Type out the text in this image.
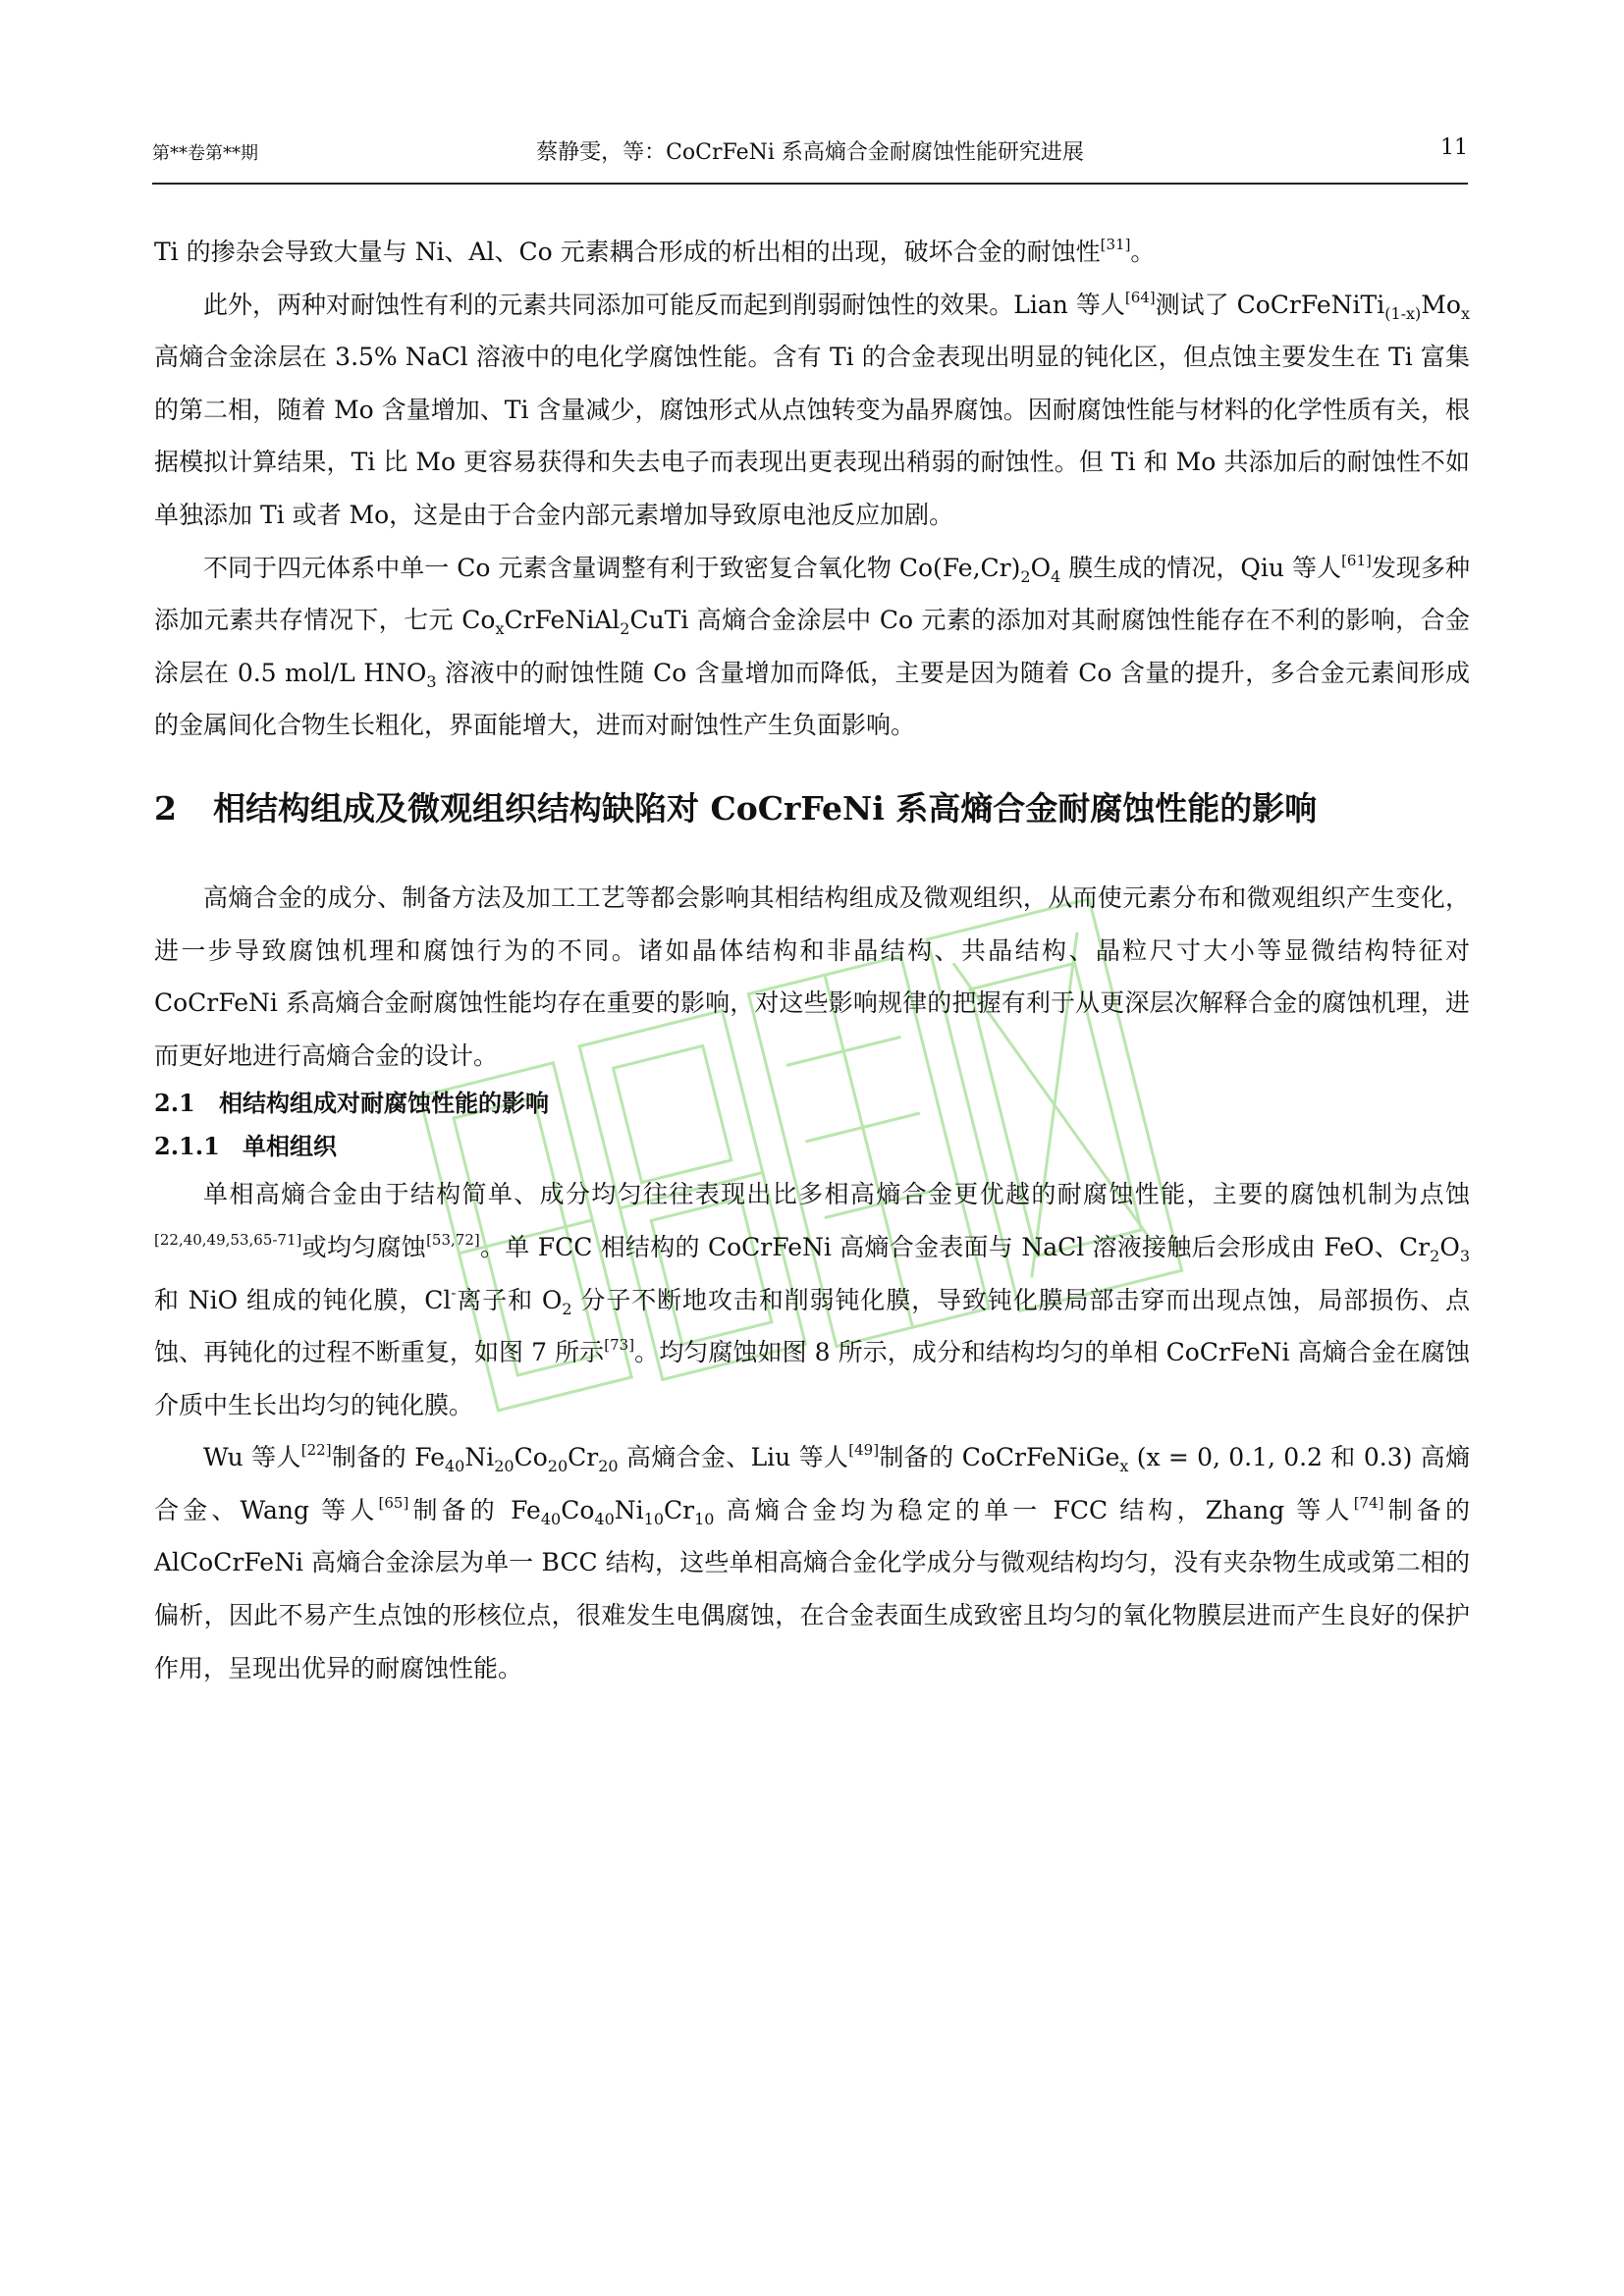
第**卷第**期	蔡静雯，等：CoCrFeNi 系高熵合金耐腐蚀性能研究进展	11

Ti 的掺杂会导致大量与 Ni、Al、Co 元素耦合形成的析出相的出现，破坏合金的耐蚀性[31]。

此外，两种对耐蚀性有利的元素共同添加可能反而起到削弱耐蚀性的效果。Lian 等人[64]测试了 $CoCrFeNiTi_{(1-x)}Mo_x$ 高熵合金涂层在 3.5% NaCl 溶液中的电化学腐蚀性能。含有 Ti 的合金表现出明显的钝化区，但点蚀主要发生在 Ti 富集的第二相，随着 Mo 含量增加、Ti 含量减少，腐蚀形式从点蚀转变为晶界腐蚀。因耐腐蚀性能与材料的化学性质有关，根据模拟计算结果，Ti 比 Mo 更容易获得和失去电子而表现出更表现出稍弱的耐蚀性。但 Ti 和 Mo 共添加后的耐蚀性不如单独添加 Ti 或者 Mo，这是由于合金内部元素增加导致原电池反应加剧。

不同于四元体系中单一 Co 元素含量调整有利于致密复合氧化物 $Co(Fe,Cr)_2O_4$ 膜生成的情况，Qiu 等人[61]发现多种添加元素共存情况下，七元 $Co_xCrFeNiAl_2CuTi$ 高熵合金涂层中 Co 元素的添加对其耐腐蚀性能存在不利的影响，合金涂层在 0.5 mol/L $HNO_3$ 溶液中的耐蚀性随 Co 含量增加而降低，主要是因为随着 Co 含量的提升，多合金元素间形成的金属间化合物生长粗化，界面能增大，进而对耐蚀性产生负面影响。

2 相结构组成及微观组织结构缺陷对 CoCrFeNi 系高熵合金耐腐蚀性能的影响

高熵合金的成分、制备方法及加工工艺等都会影响其相结构组成及微观组织，从而使元素分布和微观组织产生变化，进一步导致腐蚀机理和腐蚀行为的不同。诸如晶体结构和非晶结构、共晶结构、晶粒尺寸大小等显微结构特征对 CoCrFeNi 系高熵合金耐腐蚀性能均存在重要的影响，对这些影响规律的把握有利于从更深层次解释合金的腐蚀机理，进而更好地进行高熵合金的设计。

2.1 相结构组成对耐腐蚀性能的影响
2.1.1 单相组织

单相高熵合金由于结构简单、成分均匀往往表现出比多相高熵合金更优越的耐腐蚀性能，主要的腐蚀机制为点蚀[22,40,49,53,65-71]或均匀腐蚀[53,72]。单 FCC 相结构的 CoCrFeNi 高熵合金表面与 NaCl 溶液接触后会形成由 FeO、$Cr_2O_3$ 和 NiO 组成的钝化膜，Cl-离子和 $O_2$ 分子不断地攻击和削弱钝化膜，导致钝化膜局部击穿而出现点蚀，局部损伤、点蚀、再钝化的过程不断重复，如图 7 所示[73]。均匀腐蚀如图 8 所示，成分和结构均匀的单相 CoCrFeNi 高熵合金在腐蚀介质中生长出均匀的钝化膜。

Wu 等人[22]制备的 $Fe_{40}Ni_{20}Co_{20}Cr_{20}$ 高熵合金、Liu 等人[49]制备的 CoCrFeNiGe$_x$ (x = 0, 0.1, 0.2 和 0.3) 高熵合金、Wang 等人[65]制备的 $Fe_{40}Co_{40}Ni_{10}Cr_{10}$ 高熵合金均为稳定的单一 FCC 结构，Zhang 等人[74]制备的 AlCoCrFeNi 高熵合金涂层为单一 BCC 结构，这些单相高熵合金化学成分与微观结构均匀，没有夹杂物生成或第二相的偏析，因此不易产生点蚀的形核位点，很难发生电偶腐蚀，在合金表面生成致密且均匀的氧化物膜层进而产生良好的保护作用，呈现出优异的耐腐蚀性能。
